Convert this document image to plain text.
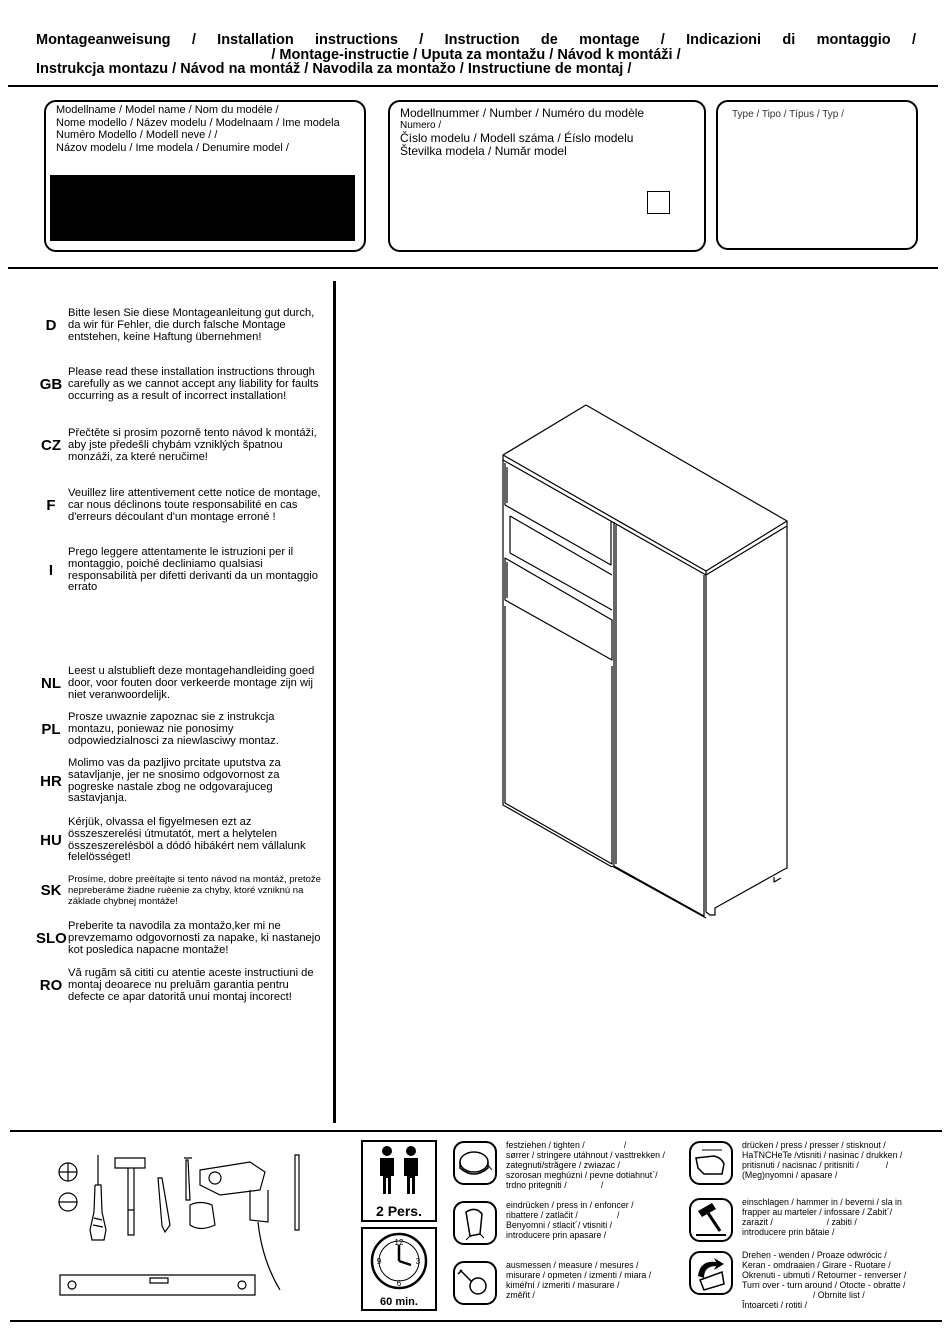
Montageanweisung / Installation instructions / Instruction de montage / Indicazioni di montaggio /
/ Montage-instructie / Uputa za montažu / Návod k montáži /
Instrukcja montazu / Návod na montáž / Navodila za montažo / Instructiune de montaj /
Modellname / Model name / Nom du modéle /
Nome modello / Název modelu / Modelnaam / Ime modela
Numéro Modello / Modell neve / /
Názov modelu / Ime modela / Denumire model /
Modellnummer / Number / Numéro du modèle
Numero /
Číslo modelu / Modell száma / Éíslo modelu
Številka modela / Numǎr model
Type / Tipo / Típus / Typ /
D
Bitte lesen Sie diese Montageanleitung gut durch, da wir für Fehler, die durch falsche Montage entstehen, keine Haftung übernehmen!
GB
Please read these installation instructions through carefully as we cannot accept any liability for faults occurring as a result of incorrect installation!
CZ
Přečtěte si prosim pozorně tento návod k montáži, aby jste předešli chybám vzniklých špatnou monzáži, za které neručime!
F
Veuillez lire attentivement cette notice de montage, car nous déclinons toute responsabilité en cas d'erreurs découlant d'un montage erroné !
I
Prego leggere attentamente le istruzioni per il montaggio, poiché decliniamo qualsiasi responsabilità per difetti derivanti da un montaggio errato
NL
Leest u alstublieft deze montagehandleiding goed door, voor fouten door verkeerde montage zijn wij niet veranwoordelijk.
PL
Prosze uwaznie zapoznac sie z instrukcja montazu, poniewaz nie ponosimy odpowiedzialnosci za niewlasciwy montaz.
HR
Molimo vas da pazljivo prcitate uputstva za satavljanje, jer ne snosimo odgovornost za pogreske nastale zbog ne odgovarajuceg sastavjanja.
HU
Kérjük, olvassa el figyelmesen ezt az összeszerelési útmutatót, mert a helytelen összeszerelésböl a dódó hibákért nem vállalunk felelösséget!
SK
Prosíme, dobre preèítajte si tento návod na montáž, pretože nepreberáme žiadne ruèenie za chyby, ktoré vzniknú na základe chybnej montáže!
SLO
Preberite ta navodila za montažo,ker mi ne prevzemamo odgovornosti za napake, ki nastanejo kot posledica napacne montaže!
RO
Vă rugăm să cititi cu atentie aceste instructiuni de montaj deoarece nu preluăm garantia pentru defecte ce apar datorită unui montaj incorect!
2 Pers.
12
3
6
9
60 min.
festziehen / tighten /                /
sørrer / stringere utáhnout / vasttrekken /
zategnuti/străgere / zwiazac /
szorosan meghúzni / pevne dotiahnut´/
trdno pritegniti /              /
eindrücken / press in / enfoncer /
ribattere / zatlačit /                /
Benyomni / stlacit´/ vtisniti /
introducere prin apasare /
ausmessen / measure / mesures /
misurare / opmeten / izmenti / miara /
kiméřní / izmeriti / masurare /
změřit /
drücken / press / presser / stisknout /
HaTNCHeTe /vtisniti / nasinac / drukken /
pritisnuti / nacisnac / pritisniti /           /
(Meg)nyomni / apasare /
einschlagen / hammer in / beverni / sla in
frapper au marteler / infossare / Zabit´/
zarazit /                      / zabiti /
introducere prin bătaie /
Drehen - wenden / Proaze odwrócic /
Keran - omdraaien / Girare - Ruotare /
Okrenuti - ubrnuti / Retourner - renverser /
Turn over - turn around / Otocte - obratte /
/ Obrnite list /
Întoarceti / rotiti /
